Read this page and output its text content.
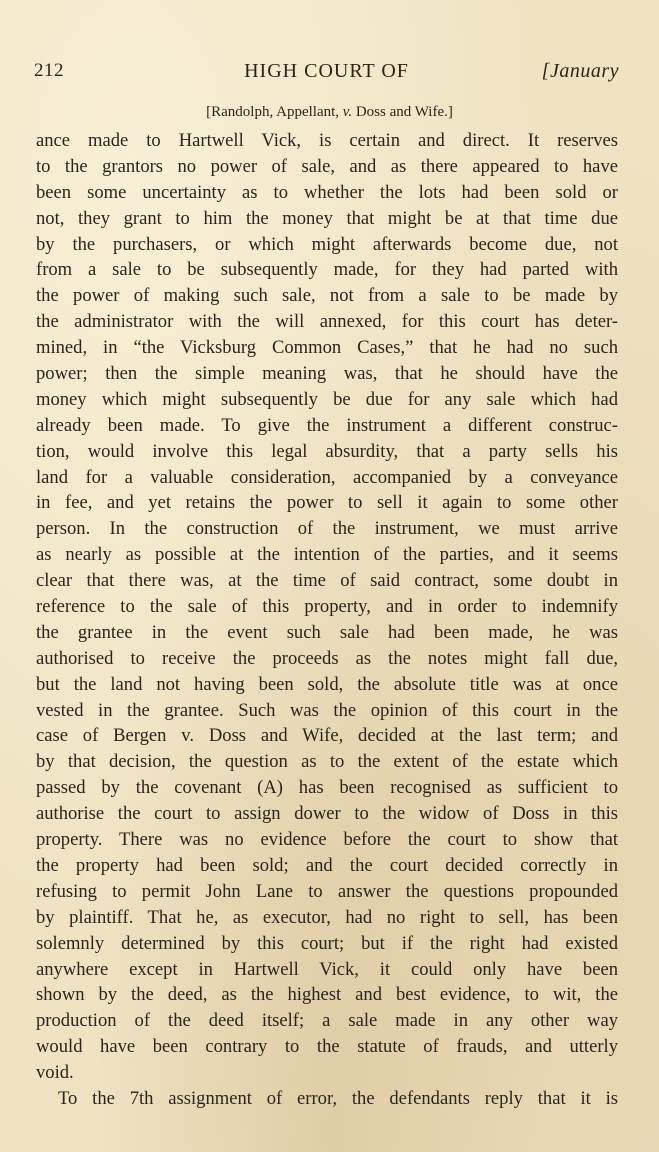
212	HIGH COURT OF	[January
[Randolph, Appellant, v. Doss and Wife.]
ance made to Hartwell Vick, is certain and direct. It reserves
to the grantors no power of sale, and as there appeared to have
been some uncertainty as to whether the lots had been sold or
not, they grant to him the money that might be at that time due
by the purchasers, or which might afterwards become due, not
from a sale to be subsequently made, for they had parted with
the power of making such sale, not from a sale to be made by
the administrator with the will annexed, for this court has deter-
mined, in “the Vicksburg Common Cases,” that he had no such
power; then the simple meaning was, that he should have the
money which might subsequently be due for any sale which had
already been made. To give the instrument a different construc-
tion, would involve this legal absurdity, that a party sells his
land for a valuable consideration, accompanied by a conveyance
in fee, and yet retains the power to sell it again to some other
person. In the construction of the instrument, we must arrive
as nearly as possible at the intention of the parties, and it seems
clear that there was, at the time of said contract, some doubt in
reference to the sale of this property, and in order to indemnify
the grantee in the event such sale had been made, he was
authorised to receive the proceeds as the notes might fall due,
but the land not having been sold, the absolute title was at once
vested in the grantee. Such was the opinion of this court in the
case of Bergen v. Doss and Wife, decided at the last term; and
by that decision, the question as to the extent of the estate which
passed by the covenant (A) has been recognised as sufficient to
authorise the court to assign dower to the widow of Doss in this
property. There was no evidence before the court to show that
the property had been sold; and the court decided correctly in
refusing to permit John Lane to answer the questions propounded
by plaintiff. That he, as executor, had no right to sell, has been
solemnly determined by this court; but if the right had existed
anywhere except in Hartwell Vick, it could only have been
shown by the deed, as the highest and best evidence, to wit, the
production of the deed itself; a sale made in any other way
would have been contrary to the statute of frauds, and utterly
void.
To the 7th assignment of error, the defendants reply that it is
